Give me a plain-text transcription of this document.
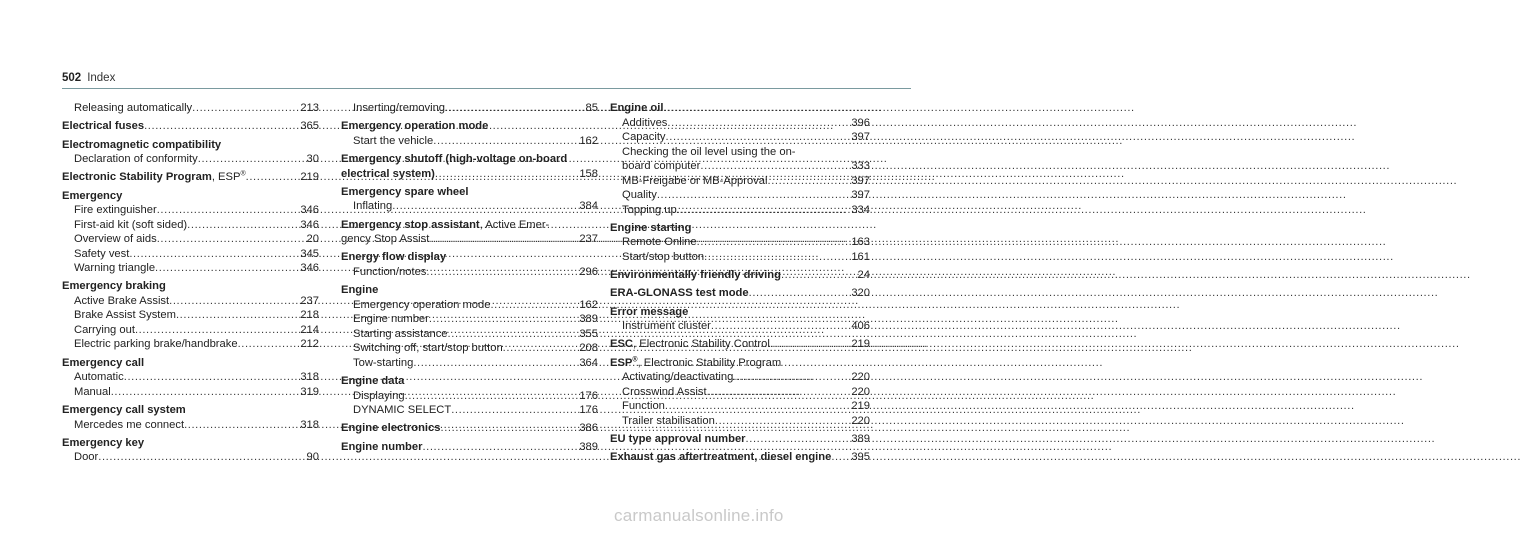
502 Index
Releasing automatically .....	213
Electrical fuses .....	365
Electromagnetic compatibility
Declaration of conformity .....	30
Electronic Stability Program, ESP® .....	219
Emergency
Fire extinguisher .....	346
First-aid kit (soft sided) .....	346
Overview of aids .....	20
Safety vest .....	345
Warning triangle .....	346
Emergency braking
Active Brake Assist .....	237
Brake Assist System .....	218
Carrying out .....	214
Electric parking brake/handbrake .....	212
Emergency call
Automatic .....	318
Manual .....	319
Emergency call system
Mercedes me connect .....	318
Emergency key
Door .....	90
Inserting/removing .....	85
Emergency operation mode
Start the vehicle .....	162
Emergency shutoff (high-voltage on-board
electrical system) .....	158
Emergency spare wheel
Inflating .....	384
Emergency stop assistant, Active Emer-
gency Stop Assist .....	237
Energy flow display
Function/notes .....	296
Engine
Emergency operation mode .....	162
Engine number .....	389
Starting assistance .....	355
Switching off, start/stop button .....	208
Tow-starting .....	364
Engine data
Displaying .....	176
DYNAMIC SELECT .....	176
Engine electronics .....	386
Engine number .....	389
Engine oil
Additives .....	396
Capacity .....	397
Checking the oil level using the on-
board computer .....	333
MB-Freigabe or MB-Approval .....	397
Quality .....	397
Topping up .....	334
Engine starting
Remote Online .....	163
Start/stop button .....	161
Environmentally friendly driving .....	24
ERA-GLONASS test mode .....	320
Error message
Instrument cluster .....	406
ESC, Electronic Stability Control .....	219
ESP®, Electronic Stability Program
Activating/deactivating .....	220
Crosswind Assist .....	220
Function .....	219
Trailer stabilisation .....	220
EU type approval number .....	389
Exhaust gas aftertreatment, diesel engine ..... 395
carmanualsonline.info
